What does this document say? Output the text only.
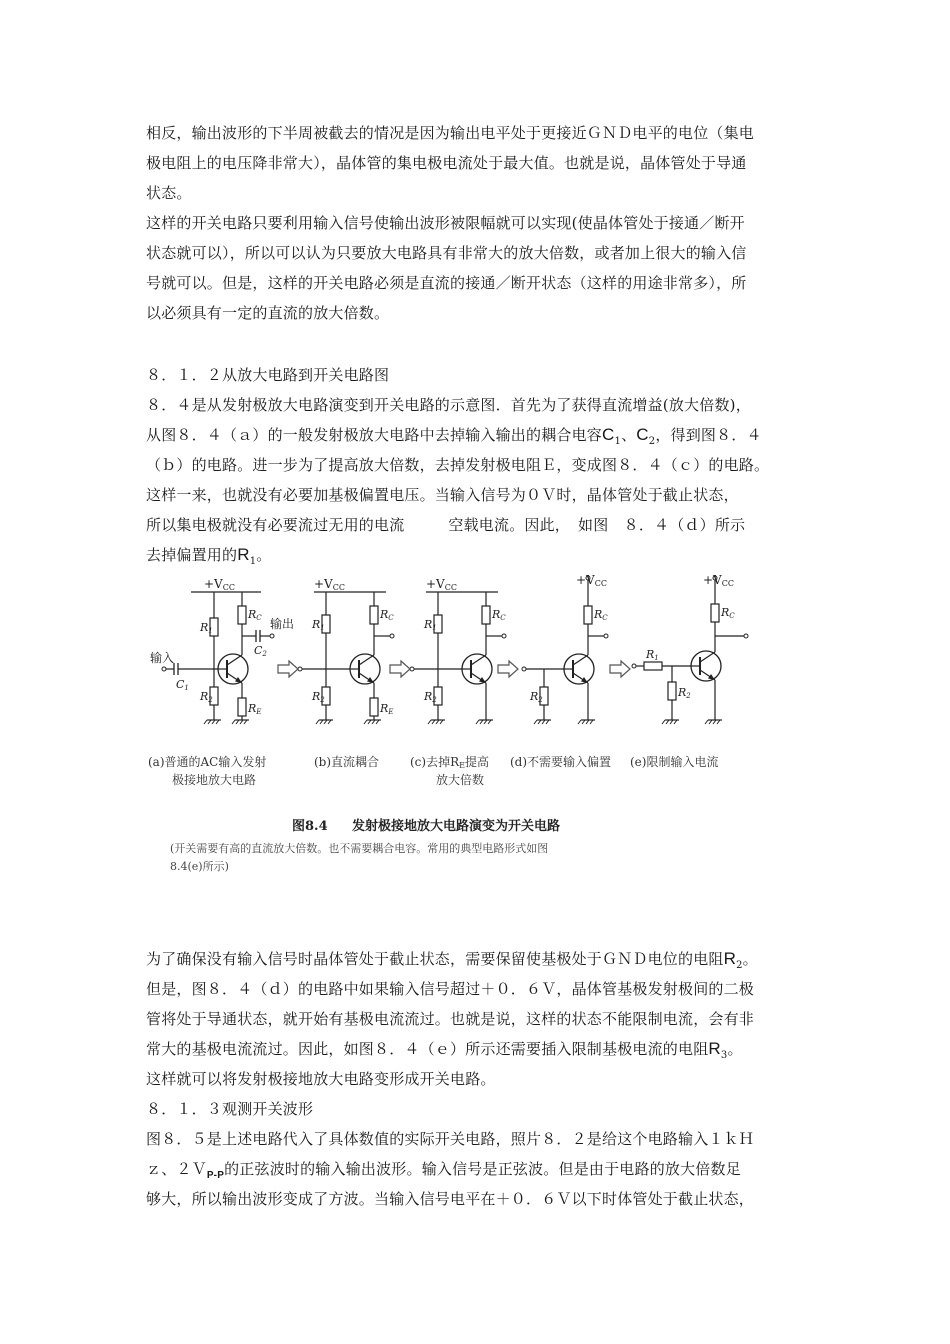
相反，输出波形的下半周被截去的情况是因为输出电平处于更接近ＧＮＤ电平的电位（集电
极电阻上的电压降非常大），晶体管的集电极电流处于最大值。也就是说，晶体管处于导通
状态。
这样的开关电路只要利用输入信号使输出波形被限幅就可以实现(使晶体管处于接通／断开
状态就可以），所以可以认为只要放大电路具有非常大的放大倍数，或者加上很大的输入信
号就可以。但是，这样的开关电路必须是直流的接通／断开状态（这样的用途非常多），所
以必须具有一定的直流的放大倍数。
８．１．２从放大电路到开关电路图
８．４是从发射极放大电路演变到开关电路的示意图．首先为了获得直流增益(放大倍数)，
从图８．４（ａ）的一般发射极放大电路中去掉输入输出的耦合电容$C_1$、$C_2$，得到图８．４
（ｂ）的电路。进一步为了提高放大倍数，去掉发射极电阻Ｅ，变成图８．４（ｃ）的电路。
这样一来，也就没有必要加基极偏置电压。当输入信号为０Ｖ时，晶体管处于截止状态，
所以集电极就没有必要流过无用的电流	空载电流。因此， 如图　８．４（ｄ）所示
去掉偏置用的$R_1$。
+VCC	+VCC	+VCC
+VCC	+VCC
R1
R2
RC
RE
C1
C2
输入
输出 R1
R2
RC
RE
R1
R2
RC	RC
R2
RC
R1
R2
(a)普通的AC输入发射
极接地放大电路
(b)直流耦合	(c)去掉RE提高
放大倍数
(d)不需要输入偏置 (e)限制输入电流
图8.4 发射极接地放大电路演变为开关电路
(开关需要有高的直流放大倍数。也不需要耦合电容。常用的典型电路形式如图
8.4(e)所示)
为了确保没有输入信号时晶体管处于截止状态，需要保留使基极处于ＧＮＤ电位的电阻$R_2$。
但是，图８．４（ｄ）的电路中如果输入信号超过＋０．６Ｖ，晶体管基极发射极间的二极
管将处于导通状态，就开始有基极电流流过。也就是说，这样的状态不能限制电流，会有非
常大的基极电流流过。因此，如图８．４（ｅ）所示还需要插入限制基极电流的电阻$R_3$。
这样就可以将发射极接地放大电路变形成开关电路。
８．１．３观测开关波形
图８．５是上述电路代入了具体数值的实际开关电路，照片８．２是给这个电路输入１ｋＨ
ｚ、２Ｖ$_{P-P}$的正弦波时的输入输出波形。输入信号是正弦波。但是由于电路的放大倍数足
够大，所以输出波形变成了方波。当输入信号电平在＋０．６Ｖ以下时体管处于截止状态，
